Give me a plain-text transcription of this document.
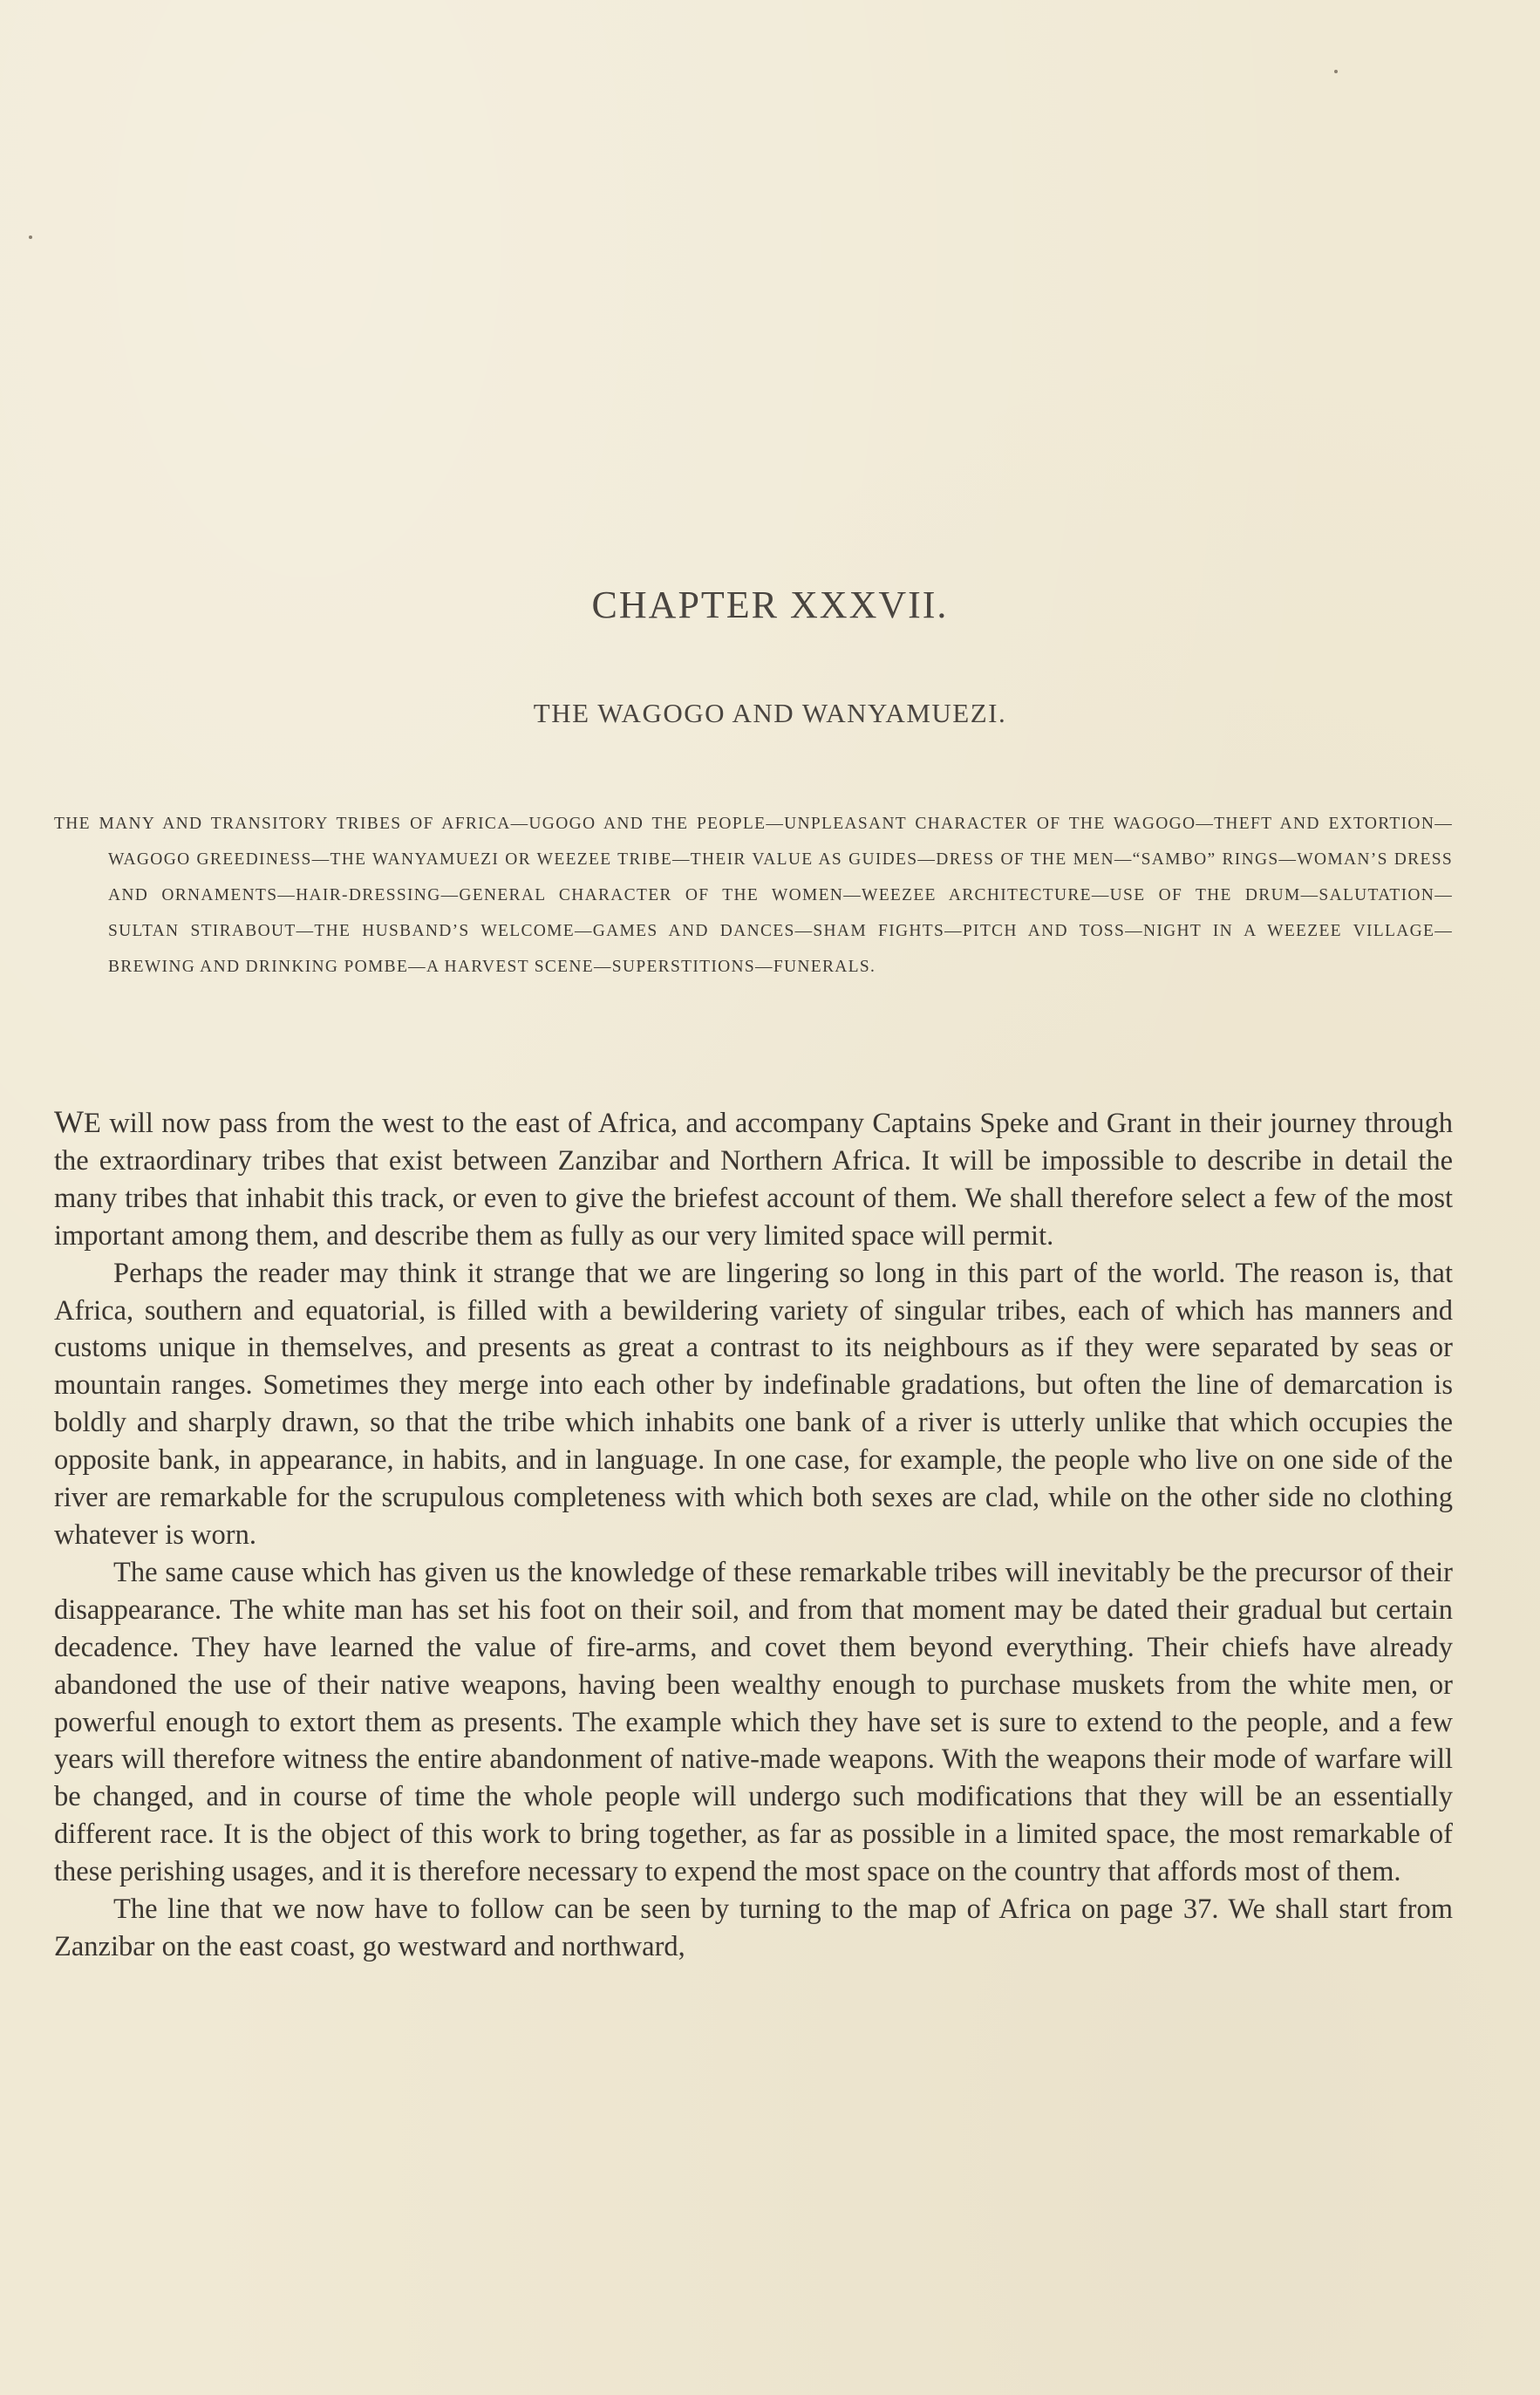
CHAPTER XXXVII.
THE WAGOGO AND WANYAMUEZI.
THE MANY AND TRANSITORY TRIBES OF AFRICA—UGOGO AND THE PEOPLE—UNPLEASANT CHARACTER OF THE WAGOGO—THEFT AND EXTORTION—WAGOGO GREEDINESS—THE WANYAMUEZI OR WEEZEE TRIBE—THEIR VALUE AS GUIDES—DRESS OF THE MEN—“SAMBO” RINGS—WOMAN’S DRESS AND ORNAMENTS—HAIR-DRESSING—GENERAL CHARACTER OF THE WOMEN—WEEZEE ARCHITECTURE—USE OF THE DRUM—SALUTATION—SULTAN STIRABOUT—THE HUSBAND’S WELCOME—GAMES AND DANCES—SHAM FIGHTS—PITCH AND TOSS—NIGHT IN A WEEZEE VILLAGE—BREWING AND DRINKING POMBE—A HARVEST SCENE—SUPERSTITIONS—FUNERALS.

WE will now pass from the west to the east of Africa, and accompany Captains Speke and Grant in their journey through the extraordinary tribes that exist between Zanzibar and Northern Africa. It will be impossible to describe in detail the many tribes that inhabit this track, or even to give the briefest account of them. We shall therefore select a few of the most important among them, and describe them as fully as our very limited space will permit.

Perhaps the reader may think it strange that we are lingering so long in this part of the world. The reason is, that Africa, southern and equatorial, is filled with a bewildering variety of singular tribes, each of which has manners and customs unique in themselves, and presents as great a contrast to its neighbours as if they were separated by seas or mountain ranges. Sometimes they merge into each other by indefinable gradations, but often the line of demarcation is boldly and sharply drawn, so that the tribe which inhabits one bank of a river is utterly unlike that which occupies the opposite bank, in appearance, in habits, and in language. In one case, for example, the people who live on one side of the river are remarkable for the scrupulous completeness with which both sexes are clad, while on the other side no clothing whatever is worn.

The same cause which has given us the knowledge of these remarkable tribes will inevitably be the precursor of their disappearance. The white man has set his foot on their soil, and from that moment may be dated their gradual but certain decadence. They have learned the value of fire-arms, and covet them beyond everything. Their chiefs have already abandoned the use of their native weapons, having been wealthy enough to purchase muskets from the white men, or powerful enough to extort them as presents. The example which they have set is sure to extend to the people, and a few years will therefore witness the entire abandonment of native-made weapons. With the weapons their mode of warfare will be changed, and in course of time the whole people will undergo such modifications that they will be an essentially different race. It is the object of this work to bring together, as far as possible in a limited space, the most remarkable of these perishing usages, and it is therefore necessary to expend the most space on the country that affords most of them.

The line that we now have to follow can be seen by turning to the map of Africa on page 37. We shall start from Zanzibar on the east coast, go westward and northward,
